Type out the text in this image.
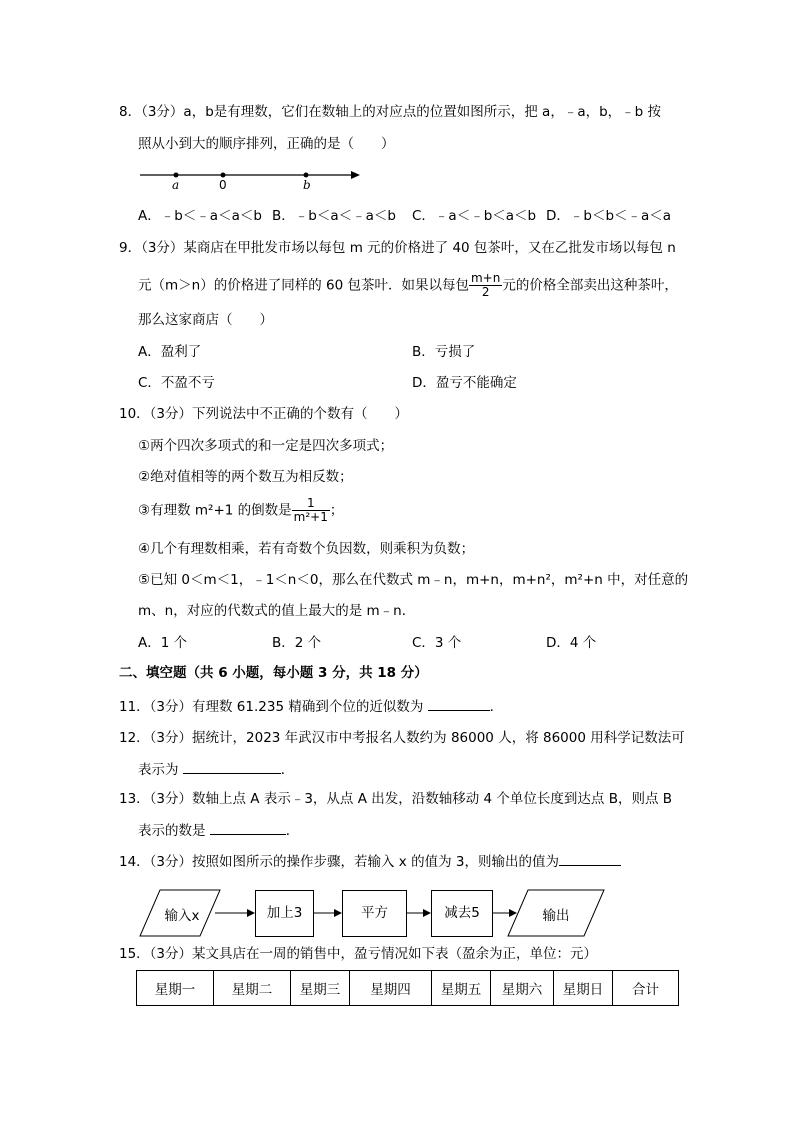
8．（3分）a，b是有理数，它们在数轴上的对应点的位置如图所示，把 a，﹣a，b，﹣b 按
照从小到大的顺序排列，正确的是（　　）
a	0	b
A．﹣b＜﹣a＜a＜b B．﹣b＜a＜﹣a＜b C．﹣a＜﹣b＜a＜b D．﹣b＜b＜﹣a＜a
9．（3分）某商店在甲批发市场以每包 m 元的价格进了 40 包茶叶，又在乙批发市场以每包 n
元（m＞n）的价格进了同样的 60 包茶叶．如果以每包 $\frac{m+n}{2}$ 元的价格全部卖出这种茶叶，
那么这家商店（　　）
A．盈利了	B．亏损了
C．不盈不亏	D．盈亏不能确定
10．（3分）下列说法中不正确的个数有（　　）
①两个四次多项式的和一定是四次多项式；
②绝对值相等的两个数互为相反数；
③有理数 m²+1 的倒数是 $\frac{1}{\text{m²+1}}$ ；
④几个有理数相乘，若有奇数个负因数，则乘积为负数；
⑤已知 0＜m＜1，﹣1＜n＜0，那么在代数式 m﹣n，m+n，m+n²，m²+n 中，对任意的
m、n，对应的代数式的值上最大的是 m﹣n．
A．1 个	B．2 个	C．3 个	D．4 个
二、填空题（共 6 小题，每小题 3 分，共 18 分）
11．（3分）有理数 61.235 精确到个位的近似数为	．
12．（3分）据统计，2023 年武汉市中考报名人数约为 86000 人，将 86000 用科学记数法可
表示为	．
13．（3分）数轴上点 A 表示﹣3，从点 A 出发，沿数轴移动 4 个单位长度到达点 B，则点 B
表示的数是	．
14．（3分）按照如图所示的操作步骤，若输入 x 的值为 3，则输出的值为
输入x	加上3	平方	减去5	输出
15．（3分）某文具店在一周的销售中，盈亏情况如下表（盈余为正，单位：元）
星期一	星期二	星期三	星期四	星期五	星期六	星期日	合计
